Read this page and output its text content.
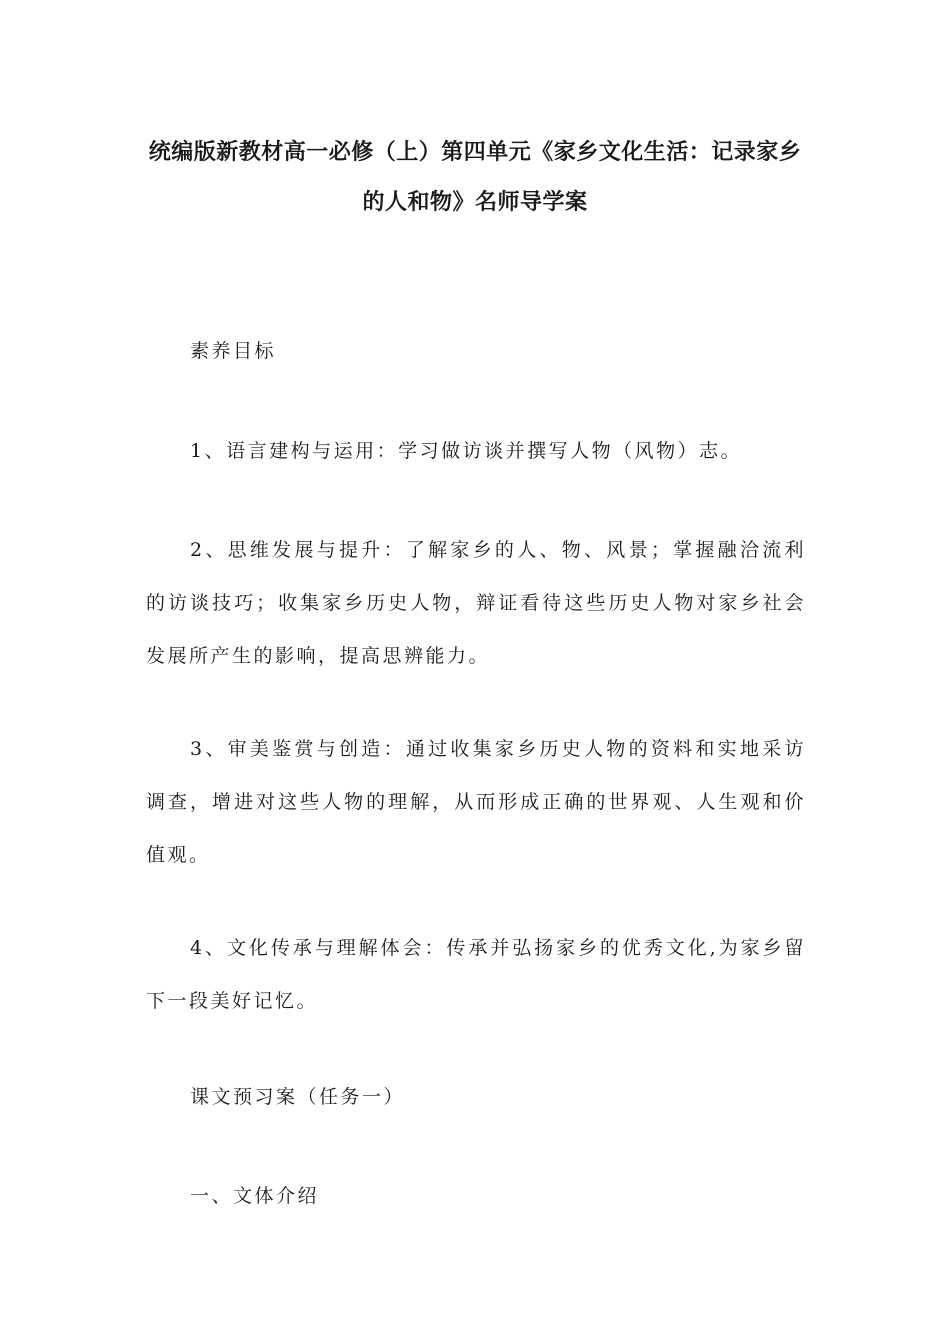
统编版新教材高一必修（上）第四单元《家乡文化生活：记录家乡
的人和物》名师导学案

素养目标

1、语言建构与运用：学习做访谈并撰写人物（风物）志。

2、思维发展与提升：了解家乡的人、物、风景；掌握融洽流利的访谈技巧；收集家乡历史人物，辩证看待这些历史人物对家乡社会发展所产生的影响，提高思辨能力。

3、审美鉴赏与创造：通过收集家乡历史人物的资料和实地采访调查，增进对这些人物的理解，从而形成正确的世界观、人生观和价值观。

4、文化传承与理解体会：传承并弘扬家乡的优秀文化,为家乡留下一段美好记忆。

课文预习案（任务一）

一、文体介绍
